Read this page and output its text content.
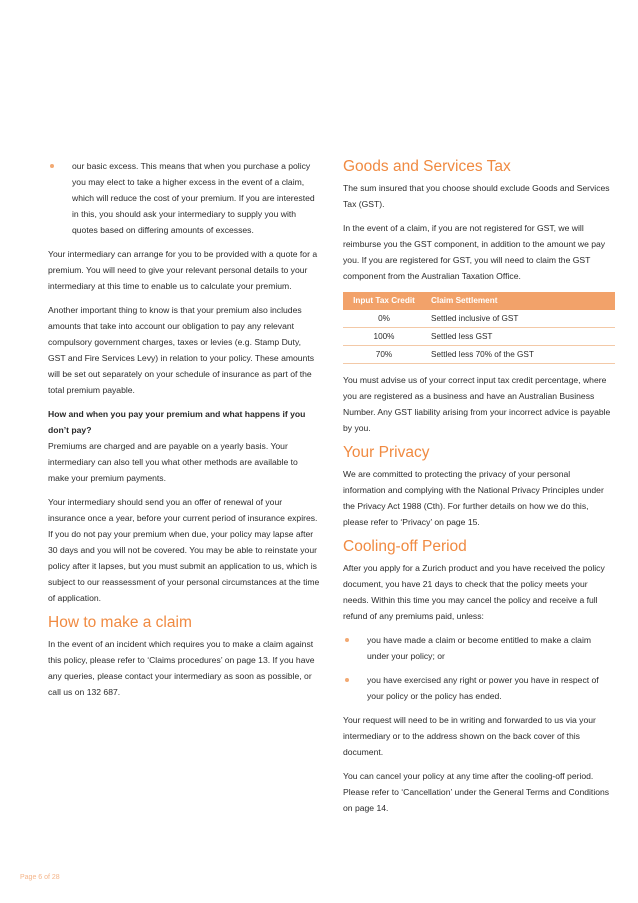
our basic excess. This means that when you purchase a policy you may elect to take a higher excess in the event of a claim, which will reduce the cost of your premium. If you are interested in this, you should ask your intermediary to supply you with quotes based on differing amounts of excesses.

Your intermediary can arrange for you to be provided with a quote for a premium. You will need to give your relevant personal details to your intermediary at this time to enable us to calculate your premium.

Another important thing to know is that your premium also includes amounts that take into account our obligation to pay any relevant compulsory government charges, taxes or levies (e.g. Stamp Duty, GST and Fire Services Levy) in relation to your policy. These amounts will be set out separately on your schedule of insurance as part of the total premium payable.

How and when you pay your premium and what happens if you don’t pay?

Premiums are charged and are payable on a yearly basis. Your intermediary can also tell you what other methods are available to make your premium payments.

Your intermediary should send you an offer of renewal of your insurance once a year, before your current period of insurance expires. If you do not pay your premium when due, your policy may lapse after 30 days and you will not be covered. You may be able to reinstate your policy after it lapses, but you must submit an application to us, which is subject to our reassessment of your personal circumstances at the time of application.

How to make a claim

In the event of an incident which requires you to make a claim against this policy, please refer to ‘Claims procedures’ on page 13. If you have any queries, please contact your intermediary as soon as possible, or call us on 132 687.

Goods and Services Tax

The sum insured that you choose should exclude Goods and Services Tax (GST).

In the event of a claim, if you are not registered for GST, we will reimburse you the GST component, in addition to the amount we pay you. If you are registered for GST, you will need to claim the GST component from the Australian Taxation Office.

Input Tax Credit	Claim Settlement
0%	Settled inclusive of GST
100%	Settled less GST
70%	Settled less 70% of the GST

You must advise us of your correct input tax credit percentage, where you are registered as a business and have an Australian Business Number. Any GST liability arising from your incorrect advice is payable by you.

Your Privacy

We are committed to protecting the privacy of your personal information and complying with the National Privacy Principles under the Privacy Act 1988 (Cth). For further details on how we do this, please refer to ‘Privacy’ on page 15.

Cooling-off Period

After you apply for a Zurich product and you have received the policy document, you have 21 days to check that the policy meets your needs. Within this time you may cancel the policy and receive a full refund of any premiums paid, unless:

you have made a claim or become entitled to make a claim under your policy; or
you have exercised any right or power you have in respect of your policy or the policy has ended.

Your request will need to be in writing and forwarded to us via your intermediary or to the address shown on the back cover of this document.

You can cancel your policy at any time after the cooling-off period. Please refer to ‘Cancellation’ under the General Terms and Conditions on page 14.

Page 6 of 28
